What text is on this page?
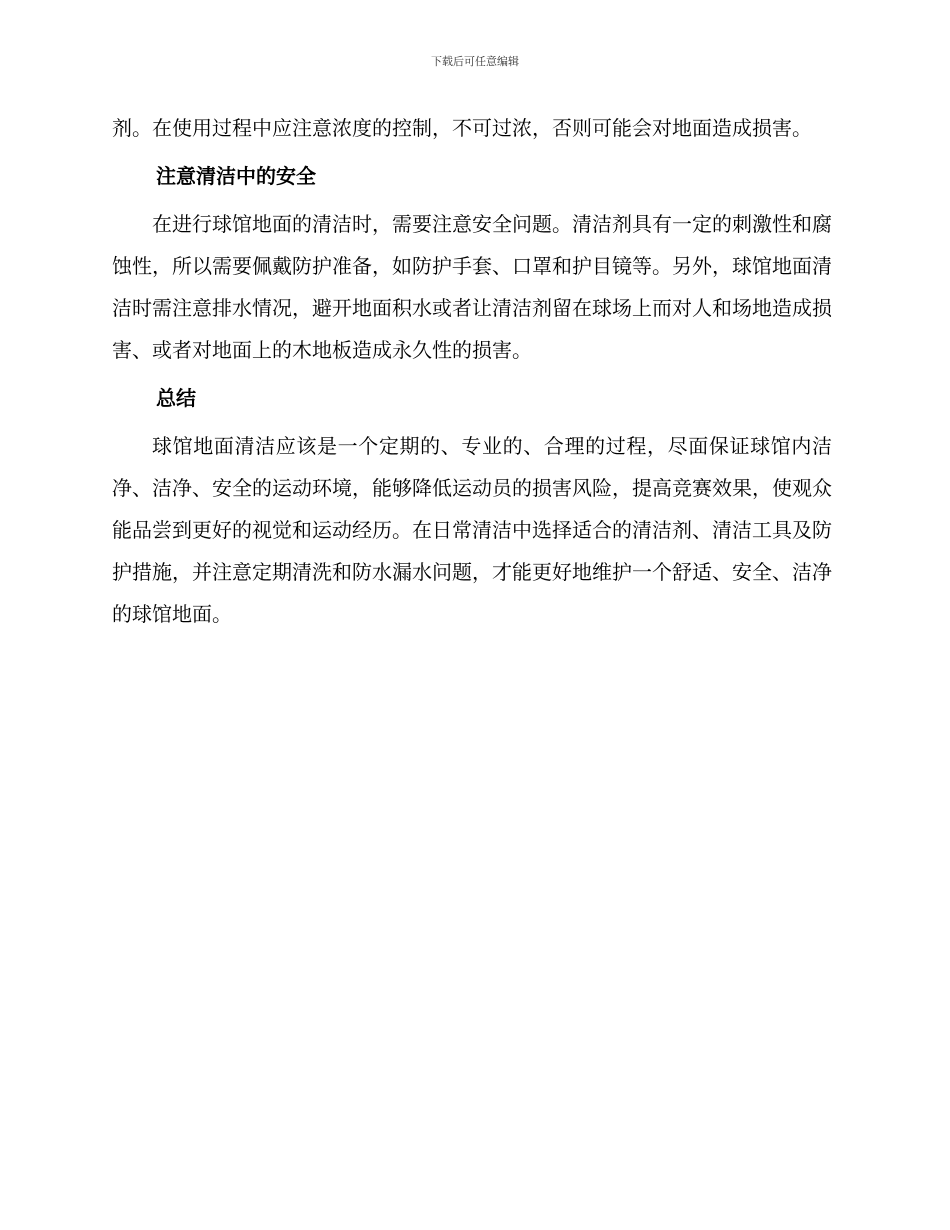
下载后可任意编辑

剂。在使用过程中应注意浓度的控制，不可过浓，否则可能会对地面造成损害。

注意清洁中的安全

在进行球馆地面的清洁时，需要注意安全问题。清洁剂具有一定的刺激性和腐蚀性，所以需要佩戴防护准备，如防护手套、口罩和护目镜等。另外，球馆地面清洁时需注意排水情况，避开地面积水或者让清洁剂留在球场上而对人和场地造成损害、或者对地面上的木地板造成永久性的损害。

总结

球馆地面清洁应该是一个定期的、专业的、合理的过程，尽面保证球馆内洁净、洁净、安全的运动环境，能够降低运动员的损害风险，提高竞赛效果，使观众能品尝到更好的视觉和运动经历。在日常清洁中选择适合的清洁剂、清洁工具及防护措施，并注意定期清洗和防水漏水问题，才能更好地维护一个舒适、安全、洁净的球馆地面。
